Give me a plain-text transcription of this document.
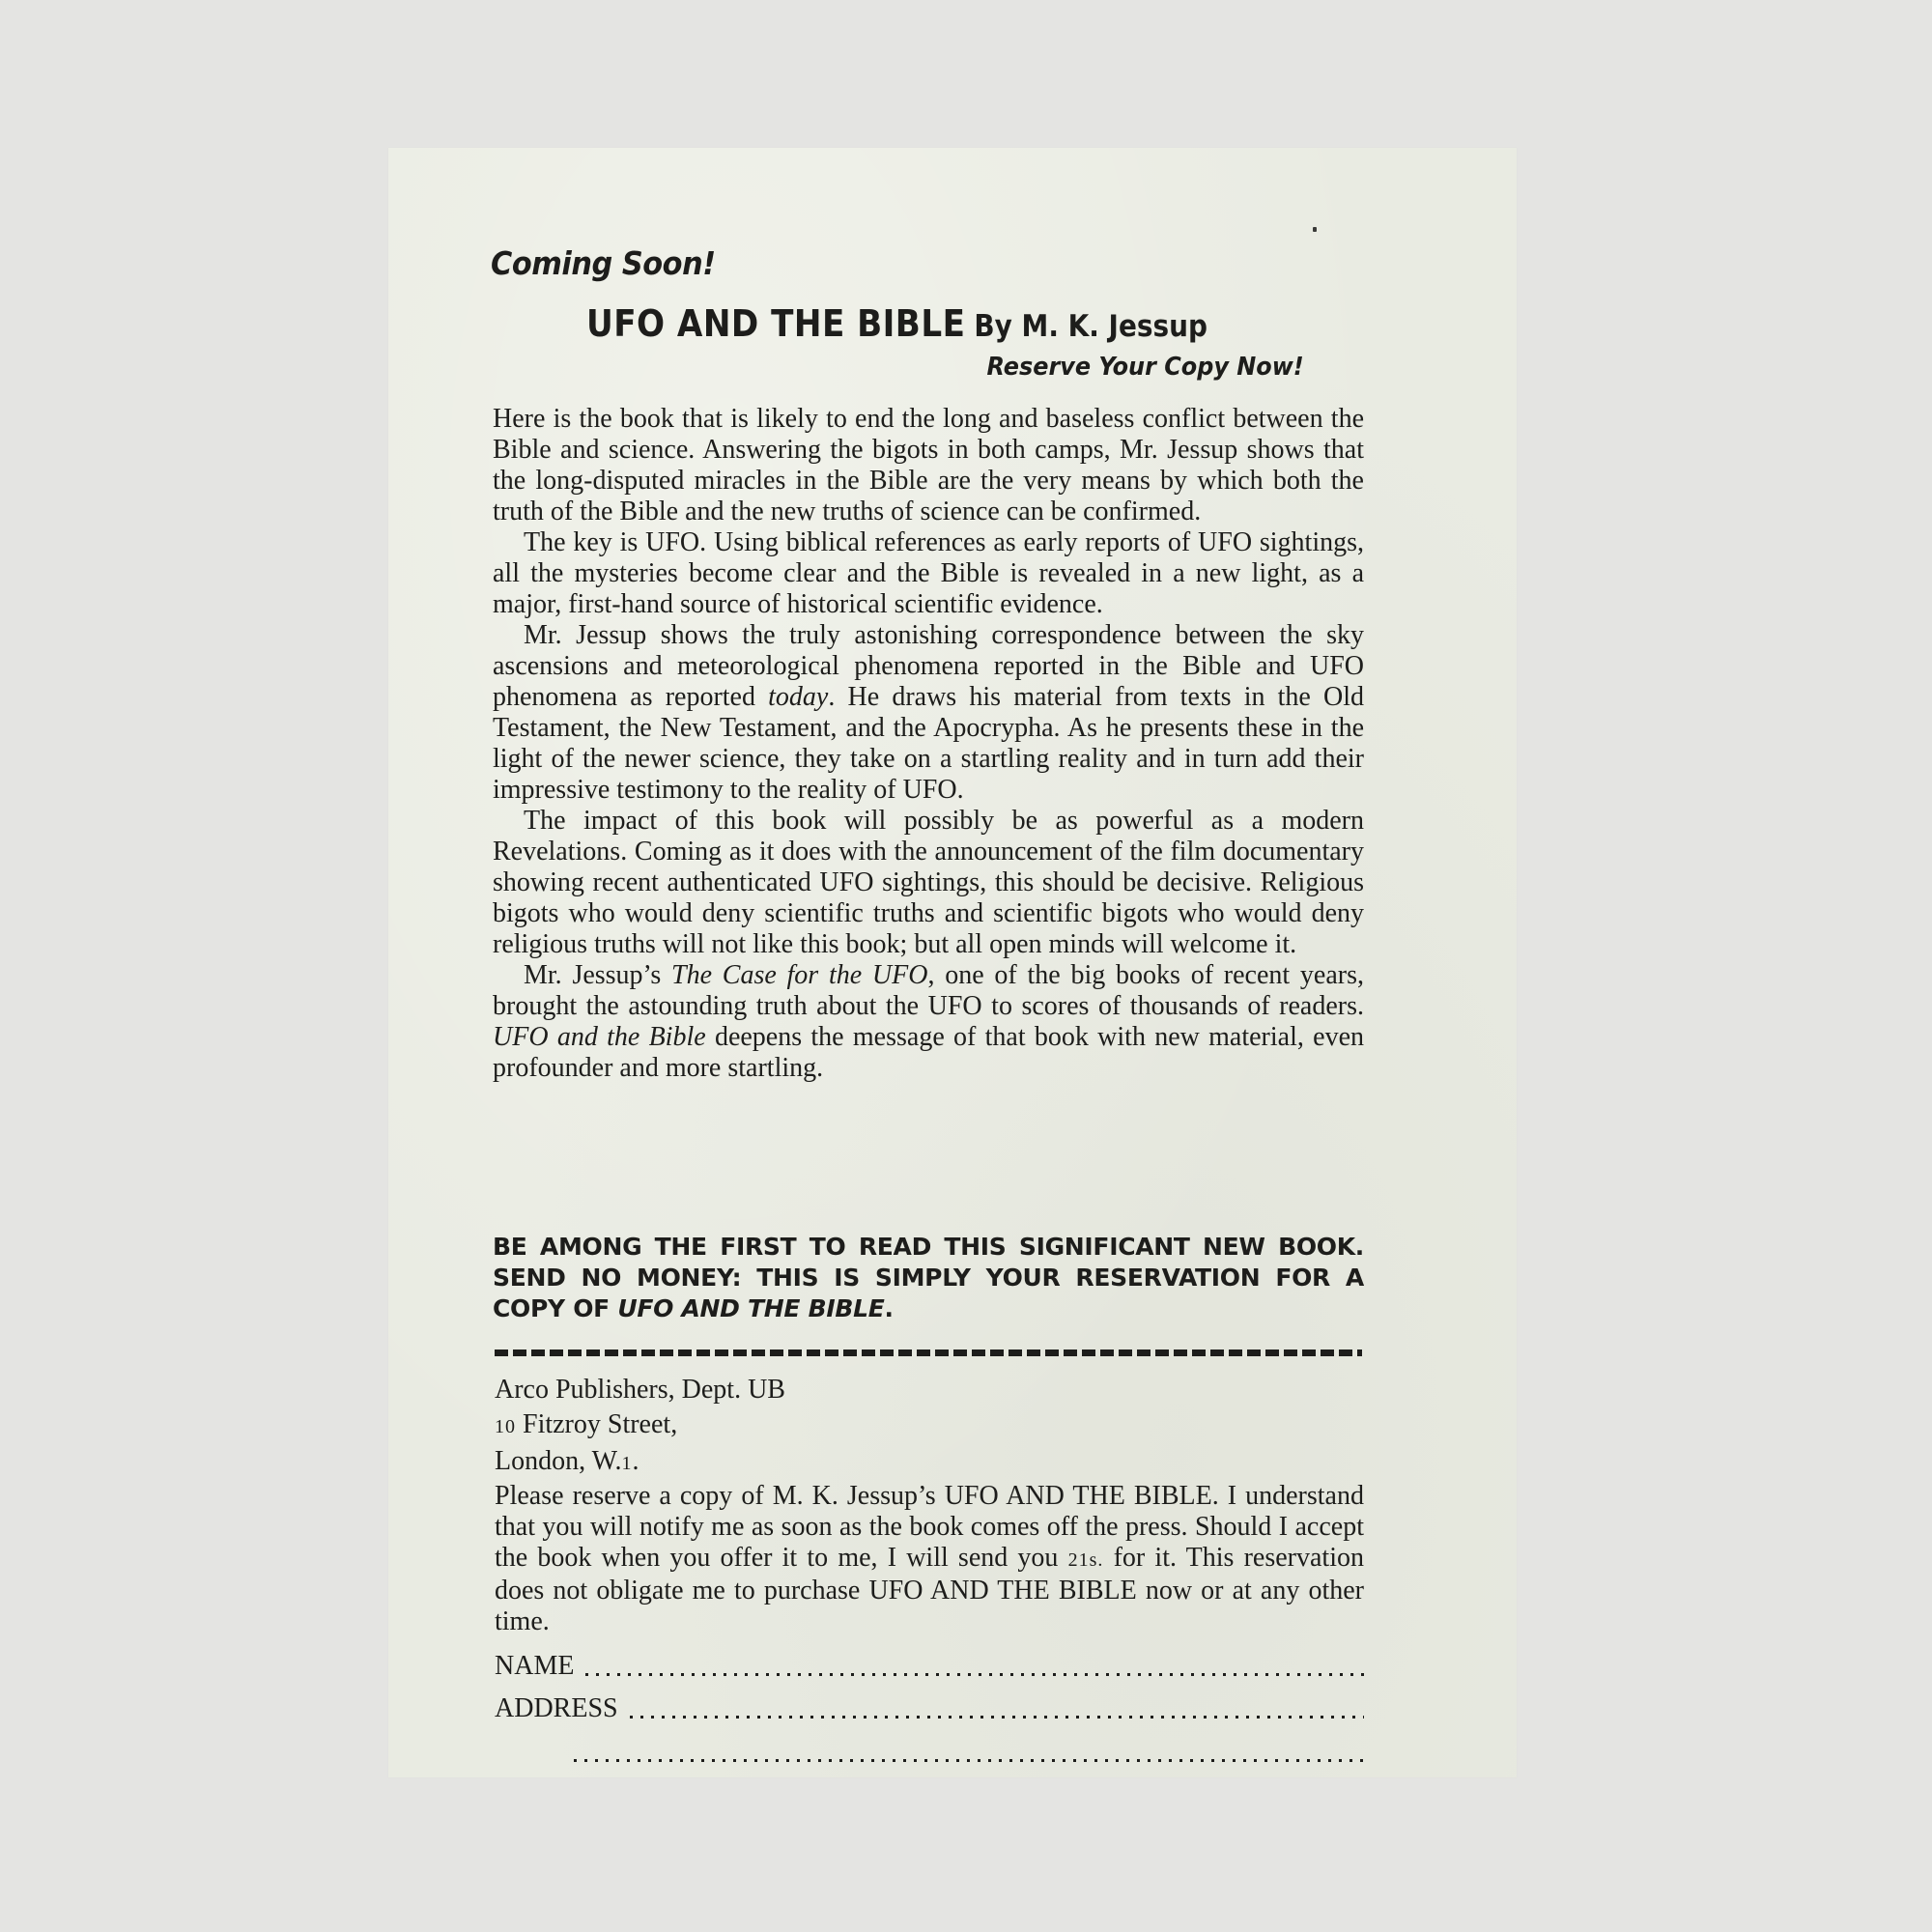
Coming Soon!
UFO AND THE BIBLE By M. K. Jessup
Reserve Your Copy Now!

Here is the book that is likely to end the long and baseless conflict between the Bible and science. Answering the bigots in both camps, Mr. Jessup shows that the long-disputed miracles in the Bible are the very means by which both the truth of the Bible and the new truths of science can be confirmed.

The key is UFO. Using biblical references as early reports of UFO sightings, all the mysteries become clear and the Bible is revealed in a new light, as a major, first-hand source of historical scientific evidence.

Mr. Jessup shows the truly astonishing correspondence between the sky ascensions and meteorological phenomena reported in the Bible and UFO phenomena as reported today. He draws his material from texts in the Old Testament, the New Testament, and the Apocrypha. As he presents these in the light of the newer science, they take on a startling reality and in turn add their impressive testimony to the reality of UFO.

The impact of this book will possibly be as powerful as a modern Revelations. Coming as it does with the announcement of the film documentary showing recent authenticated UFO sightings, this should be decisive. Religious bigots who would deny scientific truths and scientific bigots who would deny religious truths will not like this book; but all open minds will welcome it.

Mr. Jessup’s The Case for the UFO, one of the big books of recent years, brought the astounding truth about the UFO to scores of thousands of readers. UFO and the Bible deepens the message of that book with new material, even profounder and more startling.

BE AMONG THE FIRST TO READ THIS SIGNIFICANT NEW BOOK. SEND NO MONEY: THIS IS SIMPLY YOUR RESERVATION FOR A COPY OF UFO AND THE BIBLE.
Arco Publishers, Dept. UB
10 Fitzroy Street,
London, W.1.
Please reserve a copy of M. K. Jessup’s UFO AND THE BIBLE. I understand that you will notify me as soon as the book comes off the press. Should I accept the book when you offer it to me, I will send you 21s. for it. This reservation does not obligate me to purchase UFO AND THE BIBLE now or at any other time.
NAME
ADDRESS
